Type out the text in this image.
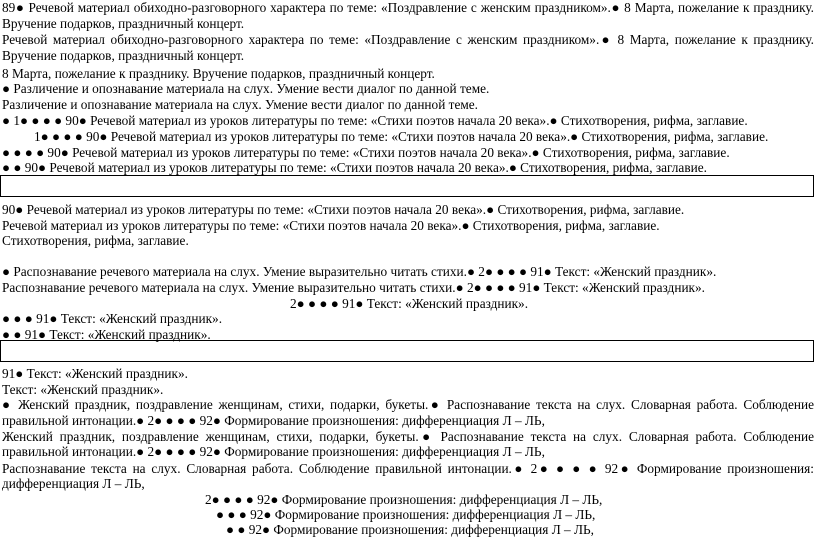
89● Речевой материал обиходно-разговорного характера по теме: «Поздравление с женским праздником».● 8 Марта, пожелание к празднику.
Вручение подарков, праздничный концерт.
Речевой материал обиходно-разговорного характера по теме: «Поздравление с женским праздником».● 8 Марта, пожелание к празднику.
Вручение подарков, праздничный концерт.
8 Марта, пожелание к празднику. Вручение подарков, праздничный концерт.
● Различение и опознавание материала на слух. Умение вести диалог по данной теме.
Различение и опознавание материала на слух. Умение вести диалог по данной теме.
● 1● ● ● ● 90● Речевой материал из уроков литературы по теме: «Стихи поэтов начала 20 века».● Стихотворения, рифма, заглавие.
1● ● ● ● 90● Речевой материал из уроков литературы по теме: «Стихи поэтов начала 20 века».● Стихотворения, рифма, заглавие.
● ● ● ● 90● Речевой материал из уроков литературы по теме: «Стихи поэтов начала 20 века».● Стихотворения, рифма, заглавие.
● ● 90● Речевой материал из уроков литературы по теме: «Стихи поэтов начала 20 века».● Стихотворения, рифма, заглавие.
90● Речевой материал из уроков литературы по теме: «Стихи поэтов начала 20 века».● Стихотворения, рифма, заглавие.
Речевой материал из уроков литературы по теме: «Стихи поэтов начала 20 века».● Стихотворения, рифма, заглавие.
Стихотворения, рифма, заглавие.
● Распознавание речевого материала на слух. Умение выразительно читать стихи.● 2● ● ● ● 91● Текст: «Женский праздник».
Распознавание речевого материала на слух. Умение выразительно читать стихи.● 2● ● ● ● 91● Текст: «Женский праздник».
2● ● ● ● 91● Текст: «Женский праздник».
● ● ● 91● Текст: «Женский праздник».
● ● 91● Текст: «Женский праздник».
91● Текст: «Женский праздник».
Текст: «Женский праздник».
● Женский праздник, поздравление женщинам, стихи, подарки, букеты.● Распознавание текста на слух. Словарная работа. Соблюдение
правильной интонации.● 2● ● ● ● 92● Формирование произношения: дифференциация Л – ЛЬ,
Женский праздник, поздравление женщинам, стихи, подарки, букеты.● Распознавание текста на слух. Словарная работа. Соблюдение
правильной интонации.● 2● ● ● ● 92● Формирование произношения: дифференциация Л – ЛЬ,
Распознавание текста на слух. Словарная работа. Соблюдение правильной интонации.● 2● ● ● ● 92● Формирование произношения:
дифференциация Л – ЛЬ,
2● ● ● ● 92● Формирование произношения: дифференциация Л – ЛЬ,
● ● ● 92● Формирование произношения: дифференциация Л – ЛЬ,
● ● 92● Формирование произношения: дифференциация Л – ЛЬ,
